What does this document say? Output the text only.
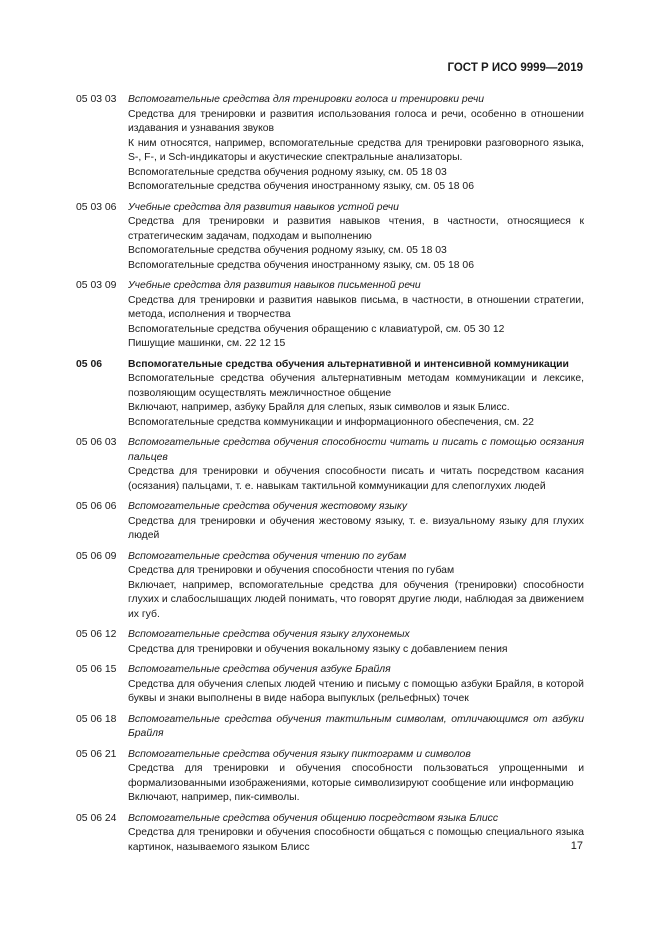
ГОСТ Р ИСО 9999—2019
05 03 03	Вспомогательные средства для тренировки голоса и тренировки речи
Средства для тренировки и развития использования голоса и речи, особенно в отношении издавания и узнавания звуков
К ним относятся, например, вспомогательные средства для тренировки разговорного языка, S-, F-, и Sch-индикаторы и акустические спектральные анализаторы.
Вспомогательные средства обучения родному языку, см. 05 18 03
Вспомогательные средства обучения иностранному языку, см. 05 18 06
05 03 06	Учебные средства для развития навыков устной речи
Средства для тренировки и развития навыков чтения, в частности, относящиеся к стратегическим задачам, подходам и выполнению
Вспомогательные средства обучения родному языку, см. 05 18 03
Вспомогательные средства обучения иностранному языку, см. 05 18 06
05 03 09	Учебные средства для развития навыков письменной речи
Средства для тренировки и развития навыков письма, в частности, в отношении стратегии, метода, исполнения и творчества
Вспомогательные средства обучения обращению с клавиатурой, см. 05 30 12
Пишущие машинки, см. 22 12 15
05 06	Вспомогательные средства обучения альтернативной и интенсивной коммуникации
Вспомогательные средства обучения альтернативным методам коммуникации и лексике, позволяющим осуществлять межличностное общение
Включают, например, азбуку Брайля для слепых, язык символов и язык Блисс.
Вспомогательные средства коммуникации и информационного обеспечения, см. 22
05 06 03	Вспомогательные средства обучения способности читать и писать с помощью осязания пальцев
Средства для тренировки и обучения способности писать и читать посредством касания (осязания) пальцами, т. е. навыкам тактильной коммуникации для слепоглухих людей
05 06 06	Вспомогательные средства обучения жестовому языку
Средства для тренировки и обучения жестовому языку, т. е. визуальному языку для глухих людей
05 06 09	Вспомогательные средства обучения чтению по губам
Средства для тренировки и обучения способности чтения по губам
Включает, например, вспомогательные средства для обучения (тренировки) способности глухих и слабослышащих людей понимать, что говорят другие люди, наблюдая за движением их губ.
05 06 12	Вспомогательные средства обучения языку глухонемых
Средства для тренировки и обучения вокальному языку с добавлением пения
05 06 15	Вспомогательные средства обучения азбуке Брайля
Средства для обучения слепых людей чтению и письму с помощью азбуки Брайля, в которой буквы и знаки выполнены в виде набора выпуклых (рельефных) точек
05 06 18	Вспомогательные средства обучения тактильным символам, отличающимся от азбуки Брайля
05 06 21	Вспомогательные средства обучения языку пиктограмм и символов
Средства для тренировки и обучения способности пользоваться упрощенными и формализованными изображениями, которые символизируют сообщение или информацию
Включают, например, пик-символы.
05 06 24	Вспомогательные средства обучения общению посредством языка Блисс
Средства для тренировки и обучения способности общаться с помощью специального языка картинок, называемого языком Блисс	17
